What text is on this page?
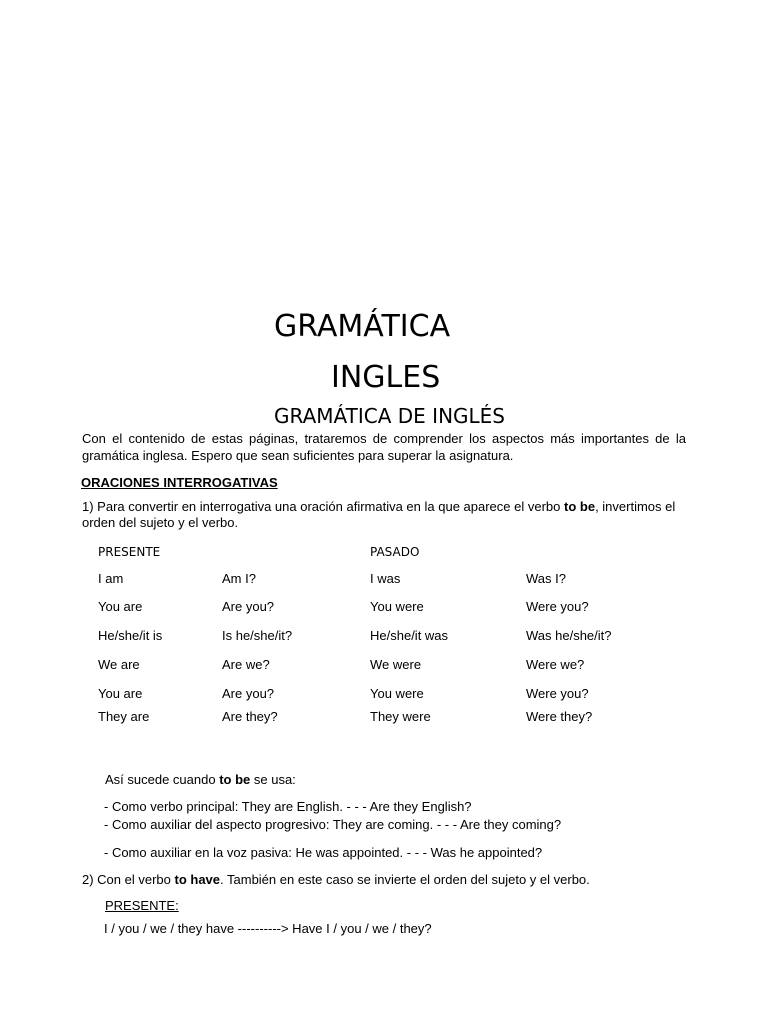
GRAMÁTICA
INGLES
GRAMÁTICA DE INGLÉS
Con el contenido de estas páginas, trataremos de comprender los aspectos más importantes de la
gramática inglesa. Espero que sean suficientes para superar la asignatura.
ORACIONES INTERROGATIVAS
1) Para convertir en interrogativa una oración afirmativa en la que aparece el verbo to be, invertimos el
orden del sujeto y el verbo.
PRESENTE	PASADO
I am	Am I?	I was	Was I?
You are	Are you?	You were	Were you?
He/she/it is	Is he/she/it?	He/she/it was	Was he/she/it?
We are	Are we?	We were	Were we?
You are	Are you?	You were	Were you?
They are	Are they?	They were	Were they?
Así sucede cuando to be se usa:
- Como verbo principal: They are English. - - - Are they English?
- Como auxiliar del aspecto progresivo: They are coming. - - - Are they coming?
- Como auxiliar en la voz pasiva: He was appointed. - - - Was he appointed?
2) Con el verbo to have. También en este caso se invierte el orden del sujeto y el verbo.
PRESENTE:
I / you / we / they have ----------> Have I / you / we / they?
